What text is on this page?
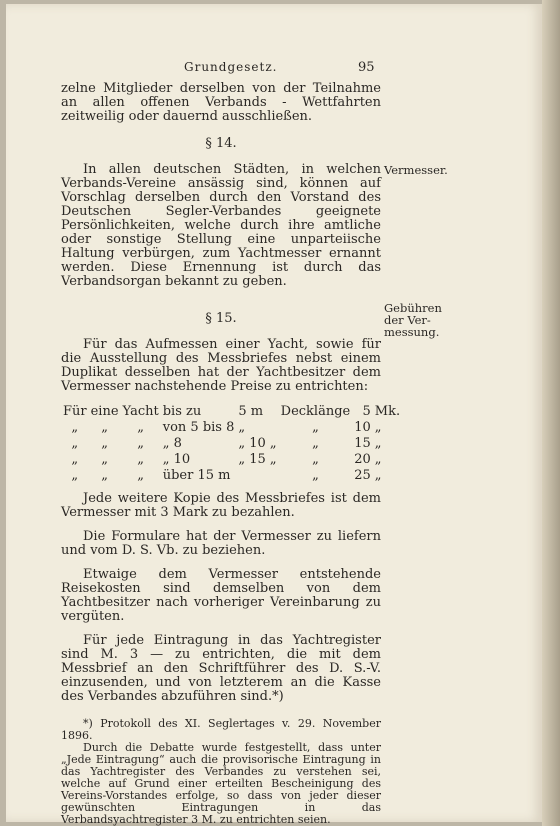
Grundgesetz.	95

zelne Mitglieder derselben von der Teilnahme an allen offenen Verbands - Wettfahrten zeitweilig oder dauernd ausschließen.

§ 14.

In allen deutschen Städten, in welchen Verbands-Vereine ansässig sind, können auf Vorschlag derselben durch den Vorstand des Deutschen Segler-Verbandes geeignete Persönlichkeiten, welche durch ihre amtliche oder sonstige Stellung eine unparteiische Haltung verbürgen, zum Yachtmesser ernannt werden. Diese Ernennung ist durch das Verbandsorgan bekannt zu geben.

§ 15.

Für das Aufmessen einer Yacht, sowie für die Ausstellung des Messbriefes nebst einem Duplikat desselben hat der Yachtbesitzer dem Vermesser nachstehende Preise zu entrichten:

Für	eine	Yacht	bis zu	5 m	Decklänge	5	Mk.
„	„	„	von 5 bis 8	„	„	10	„
„	„	„	„ 8	„ 10 „	„	15	„
„	„	„	„ 10	„ 15 „	„	20	„
„	„	„	über 15 m		„	25	„

Jede weitere Kopie des Messbriefes ist dem Vermesser mit 3 Mark zu bezahlen.

Die Formulare hat der Vermesser zu liefern und vom D. S. Vb. zu beziehen.

Etwaige dem Vermesser entstehende Reisekosten sind demselben von dem Yachtbesitzer nach vorheriger Vereinbarung zu vergüten.

Für jede Eintragung in das Yachtregister sind M. 3 — zu entrichten, die mit dem Messbrief an den Schriftführer des D. S.-V. einzusenden, und von letzterem an die Kasse des Verbandes abzuführen sind.*)

*) Protokoll des XI. Seglertages v. 29. November 1896.

Durch die Debatte wurde festgestellt, dass unter „Jede Eintragung“ auch die provisorische Eintragung in das Yachtregister des Verbandes zu verstehen sei, welche auf Grund einer erteilten Bescheinigung des Vereins-Vorstandes erfolge, so dass von jeder dieser gewünschten Eintragungen in das Verbandsyachtregister 3 M. zu entrichten seien.

Vermesser.
Gebühren
der Ver-
messung.
